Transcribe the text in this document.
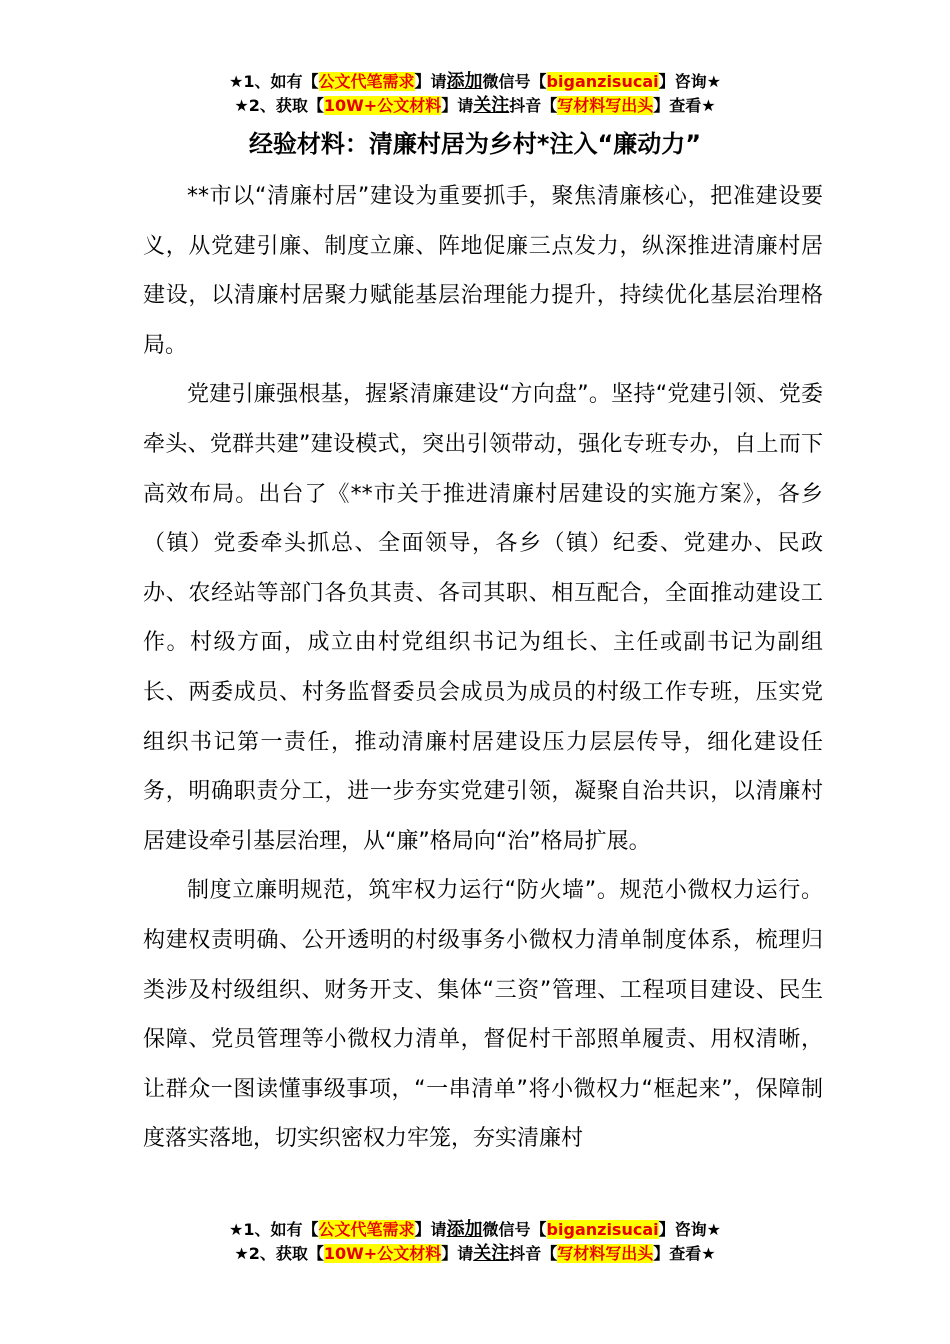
★1、如有【公文代笔需求】请添加微信号【biganzisucai】咨询★
★2、获取【10W+公文材料】请关注抖音【写材料写出头】查看★
经验材料：清廉村居为乡村*注入“廉动力”

**市以“清廉村居”建设为重要抓手，聚焦清廉核心，把准建设要义，从党建引廉、制度立廉、阵地促廉三点发力，纵深推进清廉村居建设，以清廉村居聚力赋能基层治理能力提升，持续优化基层治理格局。

党建引廉强根基，握紧清廉建设“方向盘”。坚持“党建引领、党委牵头、党群共建”建设模式，突出引领带动，强化专班专办，自上而下高效布局。出台了《**市关于推进清廉村居建设的实施方案》，各乡（镇）党委牵头抓总、全面领导，各乡（镇）纪委、党建办、民政办、农经站等部门各负其责、各司其职、相互配合，全面推动建设工作。村级方面，成立由村党组织书记为组长、主任或副书记为副组长、两委成员、村务监督委员会成员为成员的村级工作专班，压实党组织书记第一责任，推动清廉村居建设压力层层传导，细化建设任务，明确职责分工，进一步夯实党建引领，凝聚自治共识，以清廉村居建设牵引基层治理，从“廉”格局向“治”格局扩展。

制度立廉明规范，筑牢权力运行“防火墙”。规范小微权力运行。构建权责明确、公开透明的村级事务小微权力清单制度体系，梳理归类涉及村级组织、财务开支、集体“三资”管理、工程项目建设、民生保障、党员管理等小微权力清单，督促村干部照单履责、用权清晰，让群众一图读懂事级事项，“一串清单”将小微权力“框起来”，保障制度落实落地，切实织密权力牢笼，夯实清廉村

★1、如有【公文代笔需求】请添加微信号【biganzisucai】咨询★
★2、获取【10W+公文材料】请关注抖音【写材料写出头】查看★
